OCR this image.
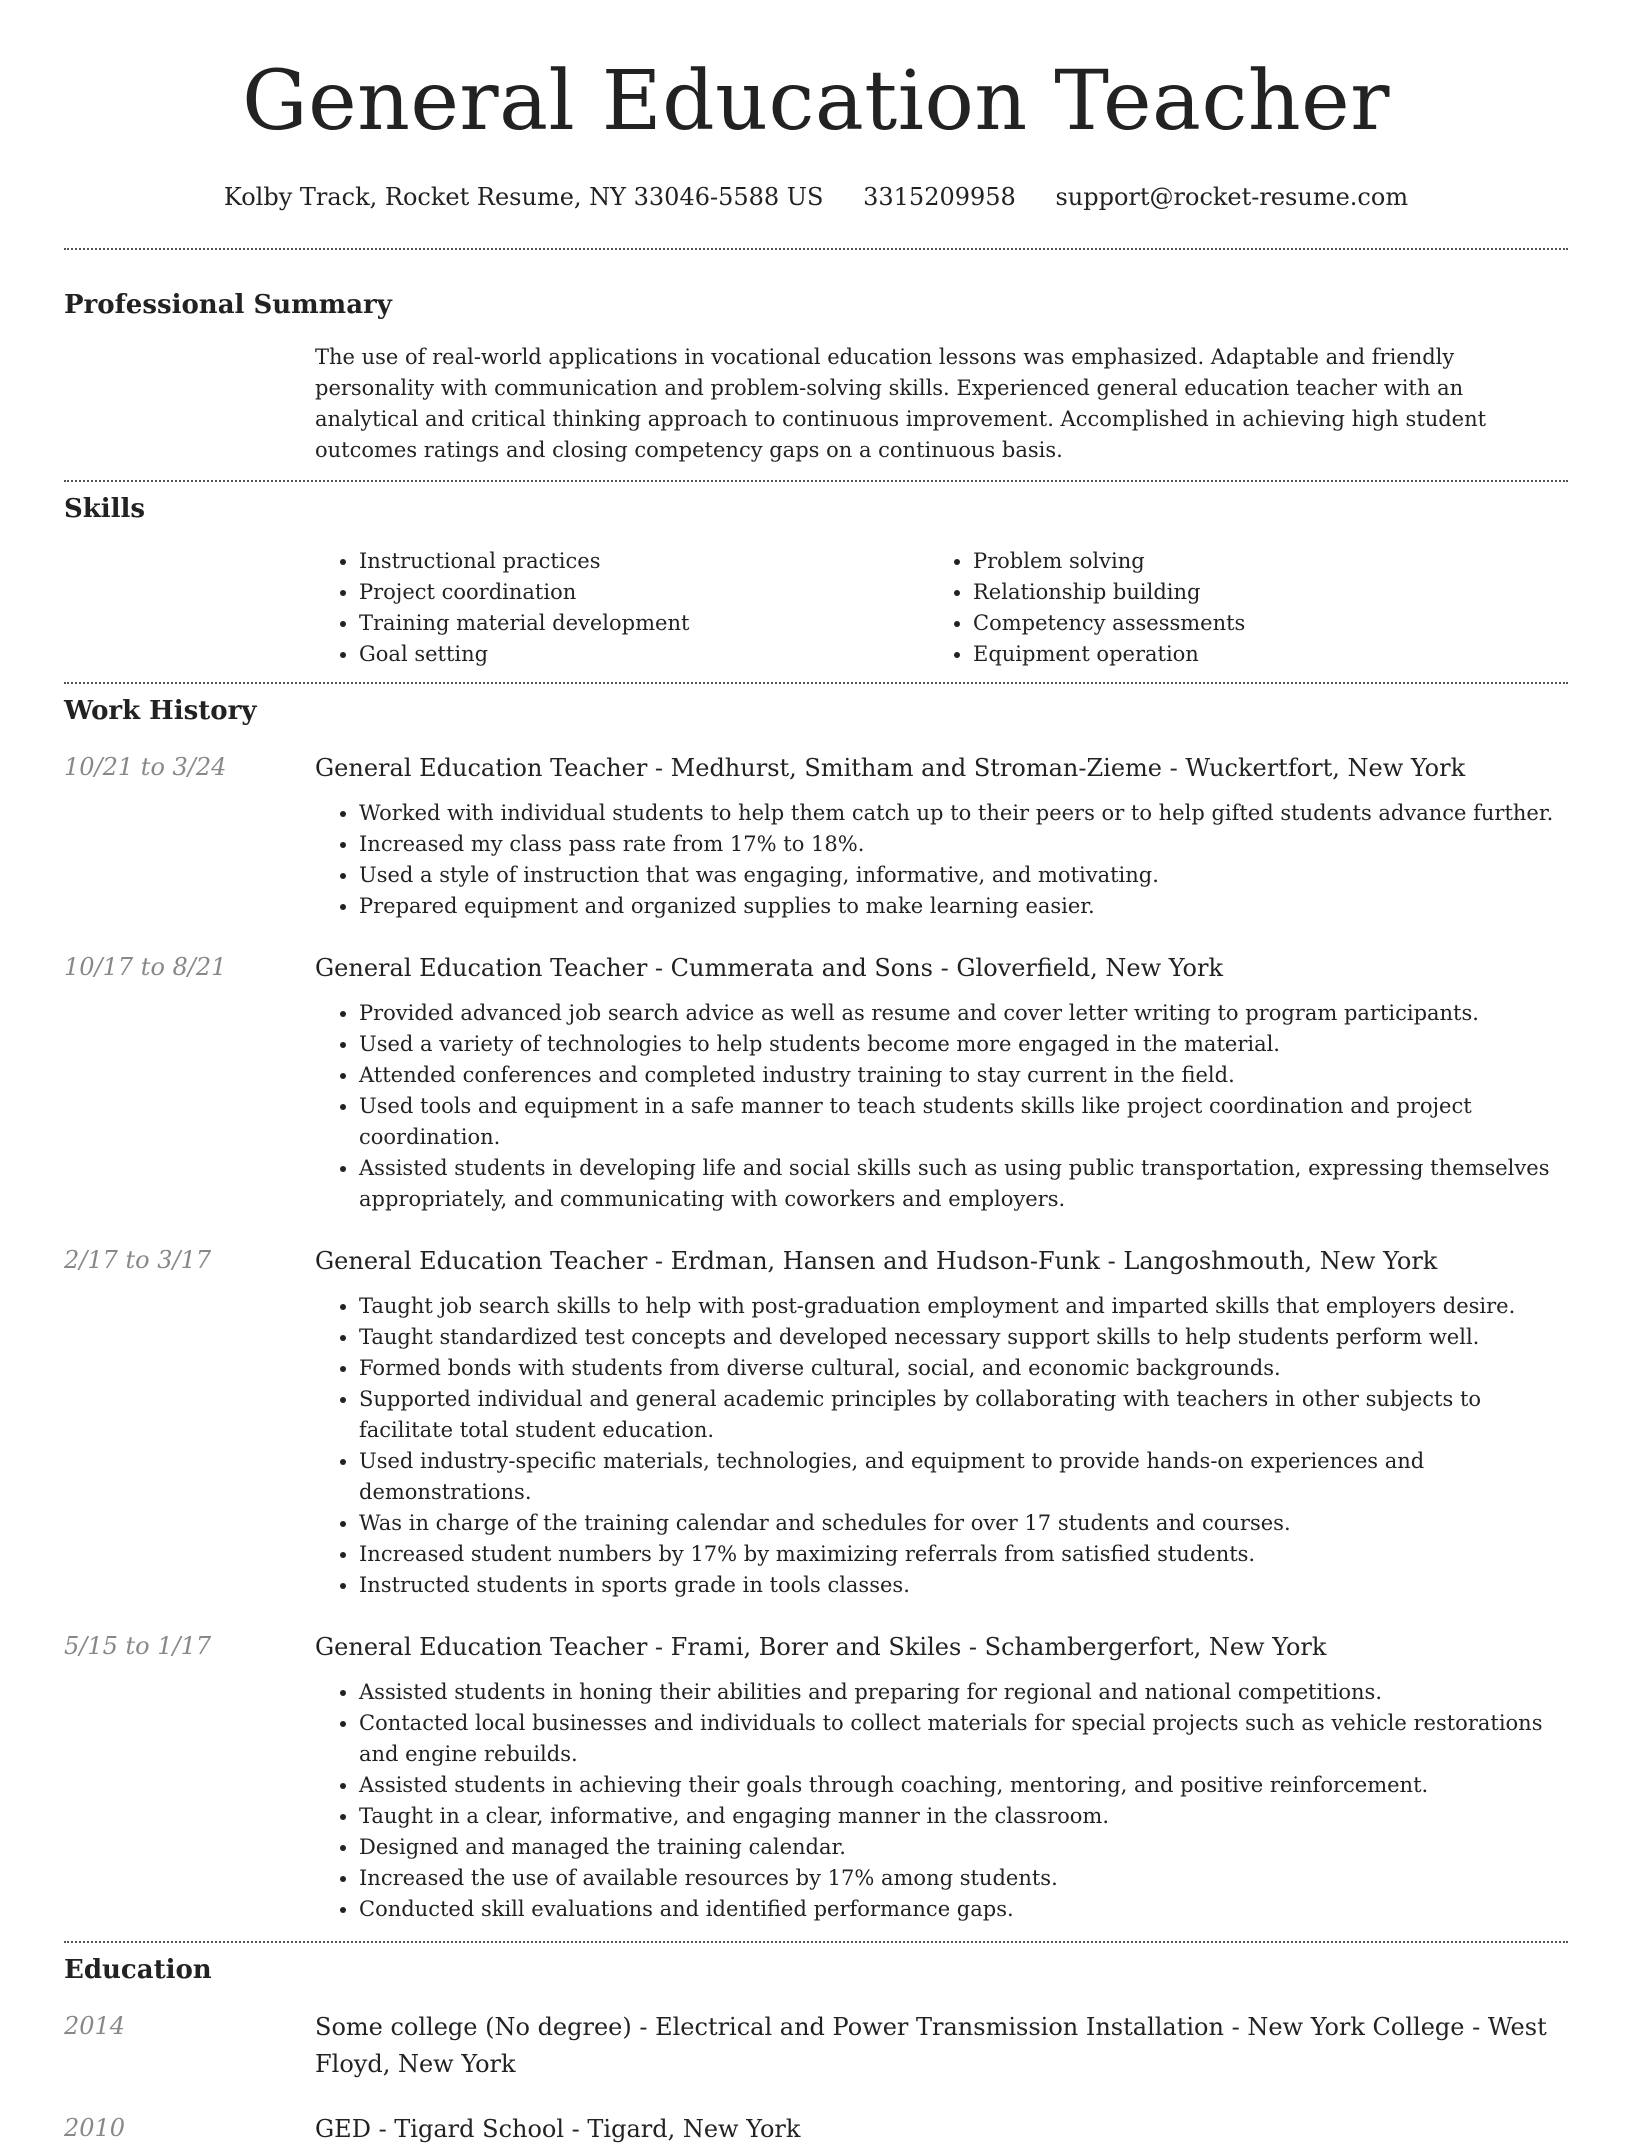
General Education Teacher
Kolby Track, Rocket Resume, NY 33046-5588 US 3315209958 support@rocket-resume.com
Professional Summary

The use of real-world applications in vocational education lessons was emphasized. Adaptable and friendly personality with communication and problem-solving skills. Experienced general education teacher with an analytical and critical thinking approach to continuous improvement. Accomplished in achieving high student outcomes ratings and closing competency gaps on a continuous basis.

Skills
• Instructional practices
• Project coordination
• Training material development
• Goal setting
• Problem solving
• Relationship building
• Competency assessments
• Equipment operation
Work History
10/21 to 3/24	General Education Teacher - Medhurst, Smitham and Stroman-Zieme - Wuckertfort, New York
• Worked with individual students to help them catch up to their peers or to help gifted students advance further.
• Increased my class pass rate from 17% to 18%.
• Used a style of instruction that was engaging, informative, and motivating.
• Prepared equipment and organized supplies to make learning easier.
10/17 to 8/21	General Education Teacher - Cummerata and Sons - Gloverfield, New York
• Provided advanced job search advice as well as resume and cover letter writing to program participants.
• Used a variety of technologies to help students become more engaged in the material.
• Attended conferences and completed industry training to stay current in the field.
• Used tools and equipment in a safe manner to teach students skills like project coordination and project coordination.
• Assisted students in developing life and social skills such as using public transportation, expressing themselves appropriately, and communicating with coworkers and employers.
2/17 to 3/17	General Education Teacher - Erdman, Hansen and Hudson-Funk - Langoshmouth, New York
• Taught job search skills to help with post-graduation employment and imparted skills that employers desire.
• Taught standardized test concepts and developed necessary support skills to help students perform well.
• Formed bonds with students from diverse cultural, social, and economic backgrounds.
• Supported individual and general academic principles by collaborating with teachers in other subjects to facilitate total student education.
• Used industry-specific materials, technologies, and equipment to provide hands-on experiences and demonstrations.
• Was in charge of the training calendar and schedules for over 17 students and courses.
• Increased student numbers by 17% by maximizing referrals from satisfied students.
• Instructed students in sports grade in tools classes.
5/15 to 1/17	General Education Teacher - Frami, Borer and Skiles - Schambergerfort, New York
• Assisted students in honing their abilities and preparing for regional and national competitions.
• Contacted local businesses and individuals to collect materials for special projects such as vehicle restorations and engine rebuilds.
• Assisted students in achieving their goals through coaching, mentoring, and positive reinforcement.
• Taught in a clear, informative, and engaging manner in the classroom.
• Designed and managed the training calendar.
• Increased the use of available resources by 17% among students.
• Conducted skill evaluations and identified performance gaps.
Education
2014	Some college (No degree) - Electrical and Power Transmission Installation - New York College - West Floyd, New York
2010	GED - Tigard School - Tigard, New York
